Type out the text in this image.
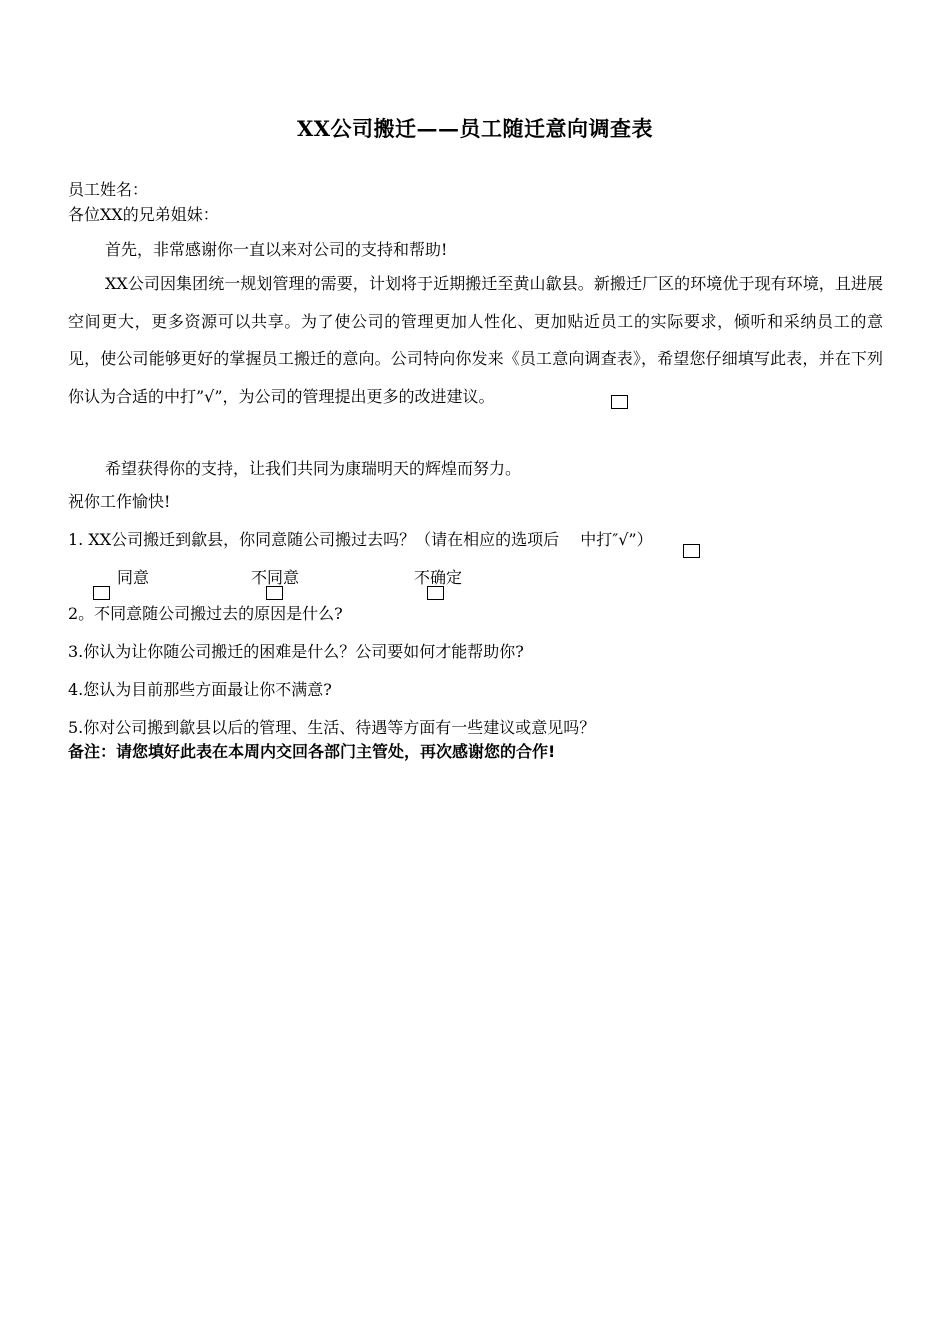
XX公司搬迁——员工随迁意向调查表
员工姓名：
各位XX的兄弟姐妹：
首先，非常感谢你一直以来对公司的支持和帮助!
XX公司因集团统一规划管理的需要，计划将于近期搬迁至黄山歙县。新搬迁厂区的环境优于现有环境，且进展空间更大，更多资源可以共享。为了使公司的管理更加人性化、更加贴近员工的实际要求，倾听和采纳员工的意见，使公司能够更好的掌握员工搬迁的意向。公司特向你发来《员工意向调查表》，希望您仔细填写此表，并在下列你认为合适的中打”√”，为公司的管理提出更多的改进建议。
希望获得你的支持，让我们共同为康瑞明天的辉煌而努力。
祝你工作愉快!
1. XX公司搬迁到歙县，你同意随公司搬过去吗？（请在相应的选项后　 中打″√”）
同意	不同意	不确定
2。不同意随公司搬过去的原因是什么?
3.你认为让你随公司搬迁的困难是什么？公司要如何才能帮助你?
4.您认为目前那些方面最让你不满意?
5.你对公司搬到歙县以后的管理、生活、待遇等方面有一些建议或意见吗？
备注：请您填好此表在本周内交回各部门主管处，再次感谢您的合作!
